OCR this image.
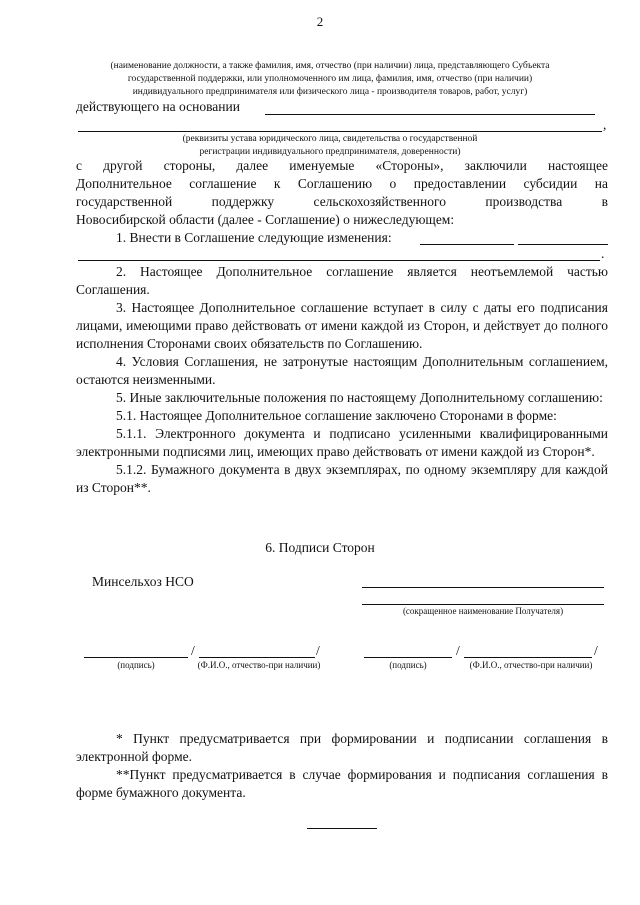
2
(наименование должности, а также фамилия, имя, отчество (при наличии) лица, представляющего Субъекта
государственной поддержки, или уполномоченного им лица, фамилия, имя, отчество (при наличии)
индивидуального предпринимателя или физического лица - производителя товаров, работ, услуг)
действующего на основании
,
(реквизиты устава юридического лица, свидетельства о государственной
регистрации индивидуального предпринимателя, доверенности)
с другой стороны, далее именуемые «Стороны», заключили настоящее
Дополнительное соглашение к Соглашению о предоставлении субсидии на
государственной поддержку сельскохозяйственного производства в
Новосибирской области (далее - Соглашение) о нижеследующем:
1. Внести в Соглашение следующие изменения:
.
2. Настоящее Дополнительное соглашение является неотъемлемой частью Соглашения.
3. Настоящее Дополнительное соглашение вступает в силу с даты его подписания лицами, имеющими право действовать от имени каждой из Сторон, и действует до полного исполнения Сторонами своих обязательств по Соглашению.
4. Условия Соглашения, не затронутые настоящим Дополнительным соглашением, остаются неизменными.
5. Иные заключительные положения по настоящему Дополнительному соглашению:
5.1. Настоящее Дополнительное соглашение заключено Сторонами в форме:
5.1.1. Электронного документа и подписано усиленными квалифицированными электронными подписями лиц, имеющих право действовать от имени каждой из Сторон*.
5.1.2. Бумажного документа в двух экземплярах, по одному экземпляру для каждой из Сторон**.
6. Подписи Сторон
Минсельхоз НСО
(сокращенное наименование Получателя)
/	/
(подпись)	(Ф.И.О., отчество-при наличии)
/	/
(подпись)	(Ф.И.О., отчество-при наличии)
* Пункт предусматривается при формировании и подписании соглашения в электронной форме.
**Пункт предусматривается в случае формирования и подписания соглашения в форме бумажного документа.
